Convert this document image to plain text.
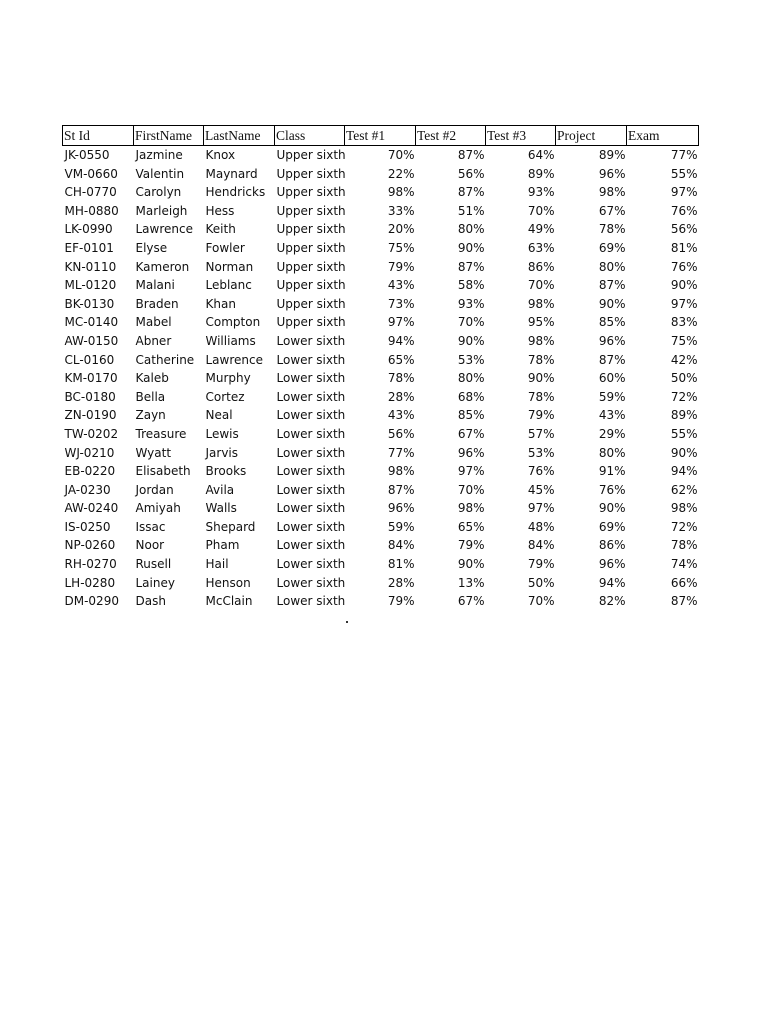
St Id	FirstName	LastName	Class	Test #1	Test #2	Test #3	Project	Exam
JK-0550	Jazmine	Knox	Upper sixth	70%	87%	64%	89%	77%
VM-0660	Valentin	Maynard	Upper sixth	22%	56%	89%	96%	55%
CH-0770	Carolyn	Hendricks	Upper sixth	98%	87%	93%	98%	97%
MH-0880	Marleigh	Hess	Upper sixth	33%	51%	70%	67%	76%
LK-0990	Lawrence	Keith	Upper sixth	20%	80%	49%	78%	56%
EF-0101	Elyse	Fowler	Upper sixth	75%	90%	63%	69%	81%
KN-0110	Kameron	Norman	Upper sixth	79%	87%	86%	80%	76%
ML-0120	Malani	Leblanc	Upper sixth	43%	58%	70%	87%	90%
BK-0130	Braden	Khan	Upper sixth	73%	93%	98%	90%	97%
MC-0140	Mabel	Compton	Upper sixth	97%	70%	95%	85%	83%
AW-0150	Abner	Williams	Lower sixth	94%	90%	98%	96%	75%
CL-0160	Catherine	Lawrence	Lower sixth	65%	53%	78%	87%	42%
KM-0170	Kaleb	Murphy	Lower sixth	78%	80%	90%	60%	50%
BC-0180	Bella	Cortez	Lower sixth	28%	68%	78%	59%	72%
ZN-0190	Zayn	Neal	Lower sixth	43%	85%	79%	43%	89%
TW-0202	Treasure	Lewis	Lower sixth	56%	67%	57%	29%	55%
WJ-0210	Wyatt	Jarvis	Lower sixth	77%	96%	53%	80%	90%
EB-0220	Elisabeth	Brooks	Lower sixth	98%	97%	76%	91%	94%
JA-0230	Jordan	Avila	Lower sixth	87%	70%	45%	76%	62%
AW-0240	Amiyah	Walls	Lower sixth	96%	98%	97%	90%	98%
IS-0250	Issac	Shepard	Lower sixth	59%	65%	48%	69%	72%
NP-0260	Noor	Pham	Lower sixth	84%	79%	84%	86%	78%
RH-0270	Rusell	Hail	Lower sixth	81%	90%	79%	96%	74%
LH-0280	Lainey	Henson	Lower sixth	28%	13%	50%	94%	66%
DM-0290	Dash	McClain	Lower sixth	79%	67%	70%	82%	87%
